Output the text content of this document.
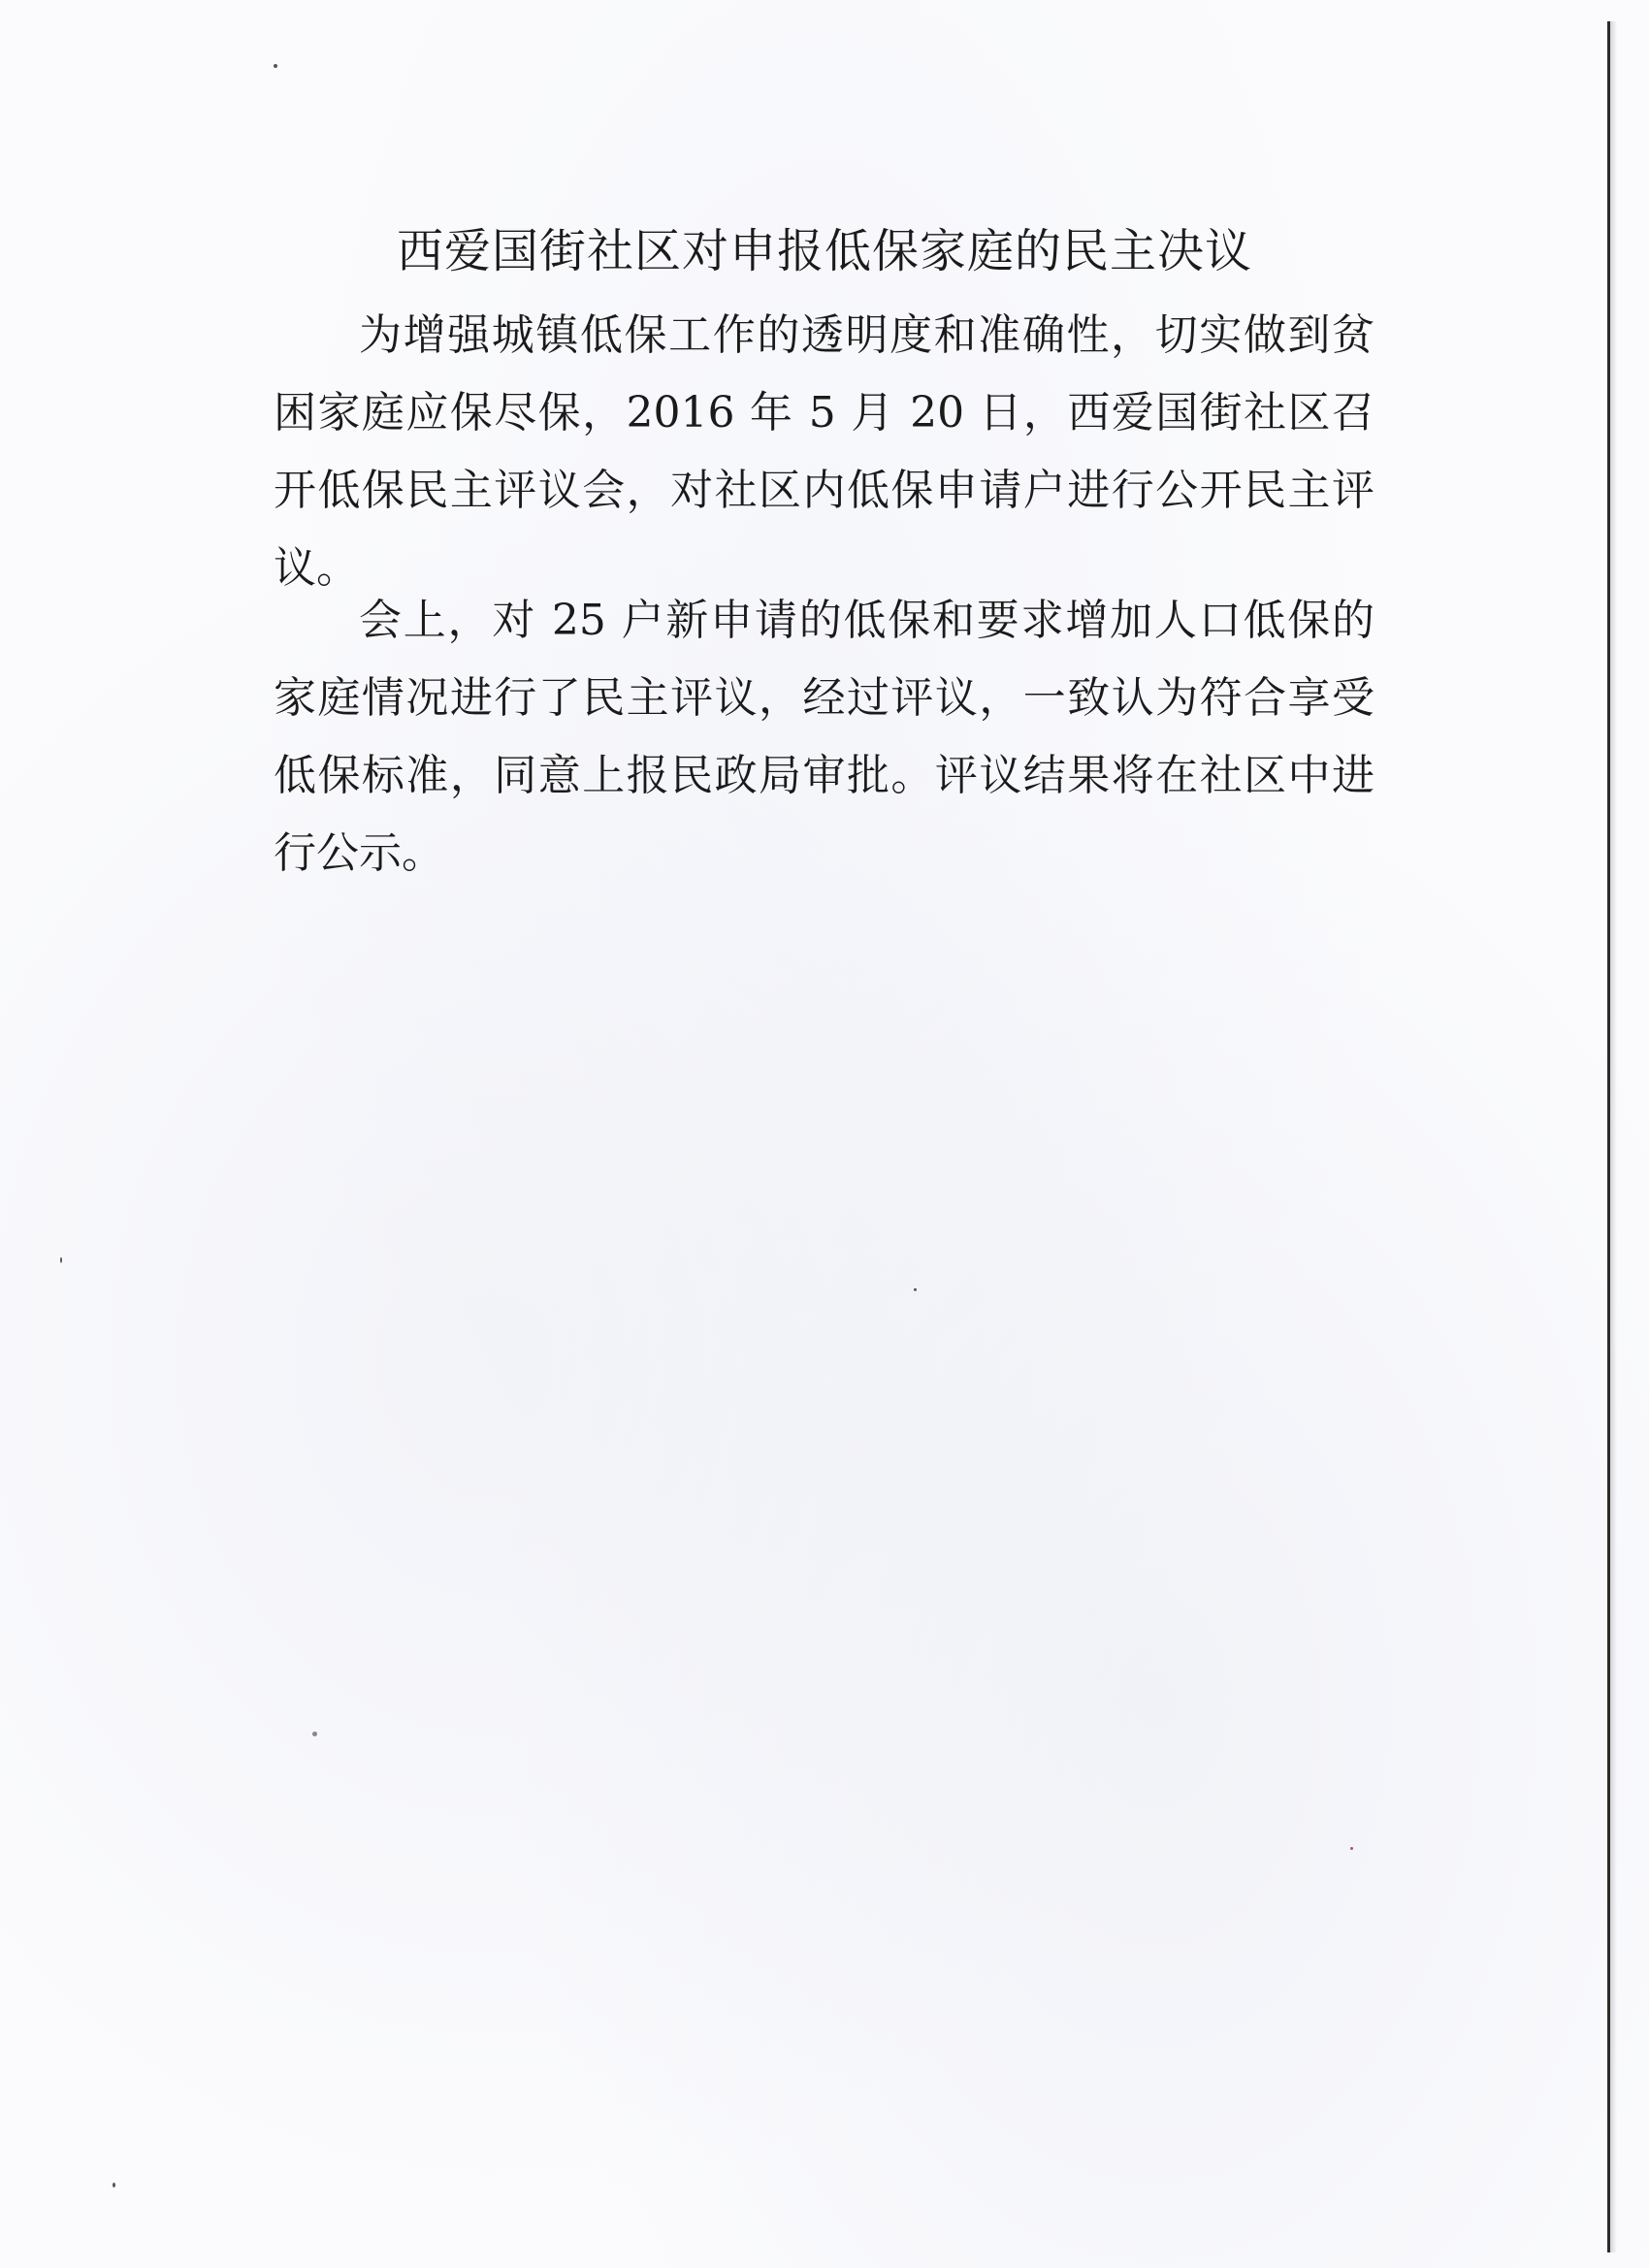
西爱国街社区对申报低保家庭的民主决议

为增强城镇低保工作的透明度和准确性，切实做到贫困家庭应保尽保，2016 年 5 月 20 日，西爱国街社区召开低保民主评议会，对社区内低保申请户进行公开民主评议。

会上，对 25 户新申请的低保和要求增加人口低保的家庭情况进行了民主评议，经过评议，一致认为符合享受低保标准，同意上报民政局审批。评议结果将在社区中进行公示。
